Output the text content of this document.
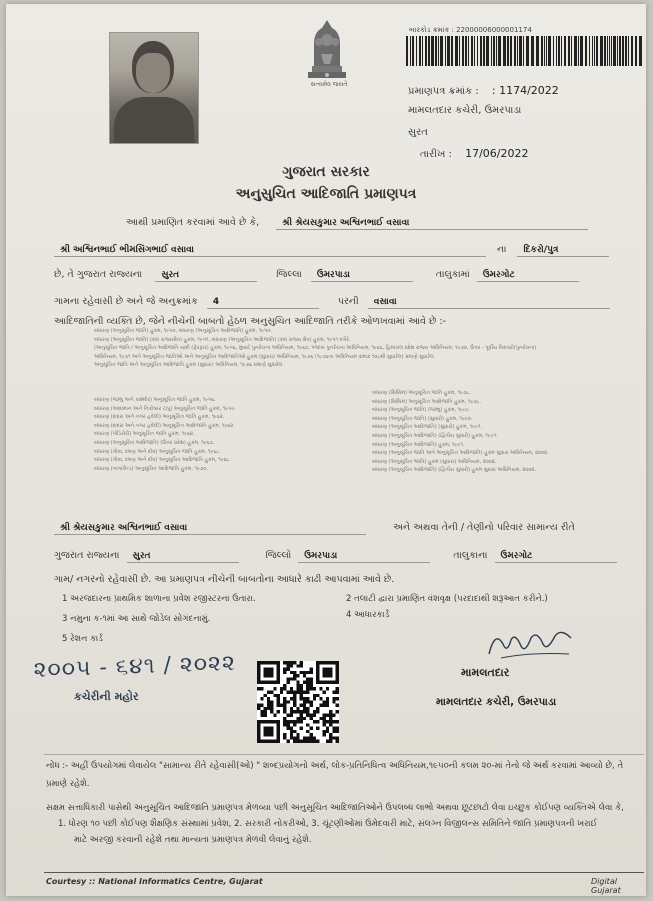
સત્યમેવ જયતે
બારકોડ ક્રમાંક : 22000006000001174
પ્રમાણપત્ર ક્રમાંક : : 1174/2022
મામલતદાર કચેરી, ઉમરપાડા
સુરત
તારીખ : 17/06/2022
ગુજરાત સરકાર
અનુસુચિત આદિજાતિ પ્રમાણપત્ર
આથી પ્રમાણિત કરવામાં આવે છે કે,	શ્રી શ્રેયસકુમાર અશ્વિનભાઈ વસાવા
શ્રી અશ્વિનભાઈ ભીમસિંગભાઈ વસાવા	ના દિકરો/પુત્ર
છે, તે ગુજરાત રાજ્યના સુરત	જિલ્લા ઉમરપાડા	તાલુકામાં ઉમરગોટ
ગામના રહેવાસી છે અને જે અનુક્રમાંક 4	પરની વસાવા
આદિજાતિની વ્યક્તિ છે, જેને નીચેની બાબતો હેઠળ અનુસુચિત આદિજાતિ તરીકે ઓળખવામાં આવે છે :-
બંધારણ (અનુસૂચિત જાતિ) હુકમ, ૧૯૫૦, બંધારણ (અનુસૂચિત આદિજાતિ) હુકમ, ૧૯૫૦.
બંધારણ (અનુસૂચિત જાતિ) (સંઘ રાજ્યક્ષેત્ર) હુકમ, ૧૯૫૧, બંધારણ (અનુસૂચિત આદિજાતિ) (સંઘ રાજ્ય ક્ષેત્ર) હુકમ, ૧૯૫૧ વગેરે.
(અનુસૂચિત જાતિ / અનુસૂચિત આદિજાતિ યાદી (ફેરફાર) હુકમ, ૧૯૫૬, મુંબઈ પુનર્રચના અધિનિયમ, ૧૯૬૦, પંજાબ પુનર્રચના અધિનિયમ, ૧૯૬૬, હિમાચલ પ્રદેશ રાજ્ય અધિનિયમ, ૧૯૭૦, ઉત્તર - પૂર્વીય વિસ્તારો(પુનર્રચના)
અધિનિયમ, ૧૯૭૧ અને અનુસૂચિત જાતિઓ અને અનુસૂચિત આદિજાતિઓ હુકમ (સુધારા) અધિનિયમ, ૧૯૭૬ (૧૯૭૬ના અધિનિયમ ક્રમાંક ૧૦૮થી સુધારેલ) પ્રમાણે સુધારેલ
અનુસૂચિત જાતિ અને અનુસૂચિત આદિજાતિ હુકમ (સુધારા) અધિનિયમ, ૧૯૭૬ પ્રમાણે સુધારેલ
બંધારણ (જમ્મુ અને કાશ્મીર) અનુસૂચિત જાતિ હુકમ, ૧૯૫૬.
બંધારણ (આંદામાન અને નિકોબાર ટાપુ) અનુસૂચિત જાતિ હુકમ, ૧૯૫૯.
બંધારણ (દાદરા અને નગર હવેલી) અનુસૂચિત જાતિ હુકમ, ૧૯૬૨.
બંધારણ (દાદરા અને નગર હવેલી) અનુસૂચિત આદિજાતિ હુકમ, ૧૯૬૨.
બંધારણ (પોંડિચેરી) અનુસૂચિત જાતિ હુકમ, ૧૯૬૪.
બંધારણ (અનુસૂચિત આદિજાતિ) (ઉત્તર પ્રદેશ) હુકમ, ૧૯૬૭.
બંધારણ (ગોવા, દમણ અને દીવ) અનુસૂચિત જાતિ હુકમ, ૧૯૬૮.
બંધારણ (ગોવા, દમણ અને દીવ) અનુસૂચિત આદિજાતિ હુકમ, ૧૯૬૮.
બંધારણ (નાગાલેન્ડ) અનુસૂચિત આદિજાતિ હુકમ, ૧૯૭૦.
બંધારણ (સિક્કિમ) અનુસૂચિત જાતિ હુકમ, ૧૯૭૮.
બંધારણ (સિક્કિમ) અનુસૂચિત આદિજાતિ હુકમ, ૧૯૭૮.
બંધારણ (અનુસૂચિત જાતિ) (જમ્મુ) હુકમ, ૧૯૮૯.
બંધારણ (અનુસૂચિત જાતિ) (સુધારો) હુકમ, ૧૯૯૦.
બંધારણ (અનુસૂચિત આદિજાતિ) (સુધારો) હુકમ, ૧૯૯૧.
બંધારણ (અનુસૂચિત આદિજાતિ) (દ્વિતીય સુધારો) હુકમ, ૧૯૯૧.
બંધારણ (અનુસૂચિત આદિજાતિ) હુકમ, ૧૯૯૧.
બંધારણ (અનુસૂચિત જાતિ અને અનુસૂચિત આદિજાતિ) હુકમ સુધારા અધિનિયમ, ૨૦૦૨.
બંધારણ (અનુસૂચિત જાતિ) હુકમ (સુધારા) અધિનિયમ, ૨૦૦૨.
બંધારણ (અનુસૂચિત આદિજાતિ) (દ્વિતીય સુધારો) હુકમ સુધારા અધિનિયમ, ૨૦૦૨.
શ્રી શ્રેયસકુમાર અશ્વિનભાઈ વસાવા	અને અથવા તેની / તેણીનો પરિવાર સામાન્ય રીતે
ગુજરાત રાજ્યના સુરત	જિલ્લો ઉમરપાડા	તાલુકાના ઉમરગોટ
ગામ/ નગરનો રહેવાસી છે. આ પ્રમાણપત્ર નીચેની બાબતોના આધારે કાઢી આપવામાં આવે છે.
1 અરજદારના પ્રાથમિક શાળાના પ્રવેશ રજીસ્ટરના ઉતારા.	2 તલાટી દ્વારા પ્રમાણિત વંશવૃક્ષ (પરદાદાથી શરૂઆત કરીને.)
3 નમુના ક-૧માં આ સાથે જોડેલ સોગંદનામું.	4 આધારકાર્ડ
5 રેશન કાર્ડ
૨૦૦૫ - ૬૪૧ / ૨૦૨૨
કચેરીની મહોર
મામલતદાર
મામલતદાર કચેરી, ઉમરપાડા
નોંધ :- અહીં ઉપયોગમાં લેવાયેલ "સામાન્ય રીતે રહેવાસી(ઓ) " શબ્દપ્રયોગનો અર્થ, લોક-પ્રતિનિધિત્વ અધિનિયમ,૧૯૫૦ની કલમ ૨૦-માં તેનો જે અર્થ કરવામાં આવ્યો છે, તે
પ્રમાણે રહેશે.
સક્ષમ સત્તાધિકારી પાસેથી અનુસૂચિત આદિજાતિ પ્રમાણપત્ર મેળવ્યા પછી અનુસૂચિત આદિજાતિઓને ઉપલબ્ધ લાભો અથવા છૂટછાટો લેવા ઇચ્છુક કોઈપણ વ્યક્તિએ લેવા કે,
1. ધોરણ ૧૦ પછી કોઈપણ શૈક્ષણિક સંસ્થામાં પ્રવેશ, 2. સરકારી નોકરીઓ, 3. ચૂંટણીઓમાં ઉમેદવારી માટે, સંલગ્ન વિજીલન્સ સમિતિને જાતિ પ્રમાણપત્રની ખરાઈ
માટે અરજી કરવાની રહેશે તથા માન્યતા પ્રમાણપત્ર મેળવી લેવાનું રહેશે.
Courtesy :: National Informatics Centre, Gujarat	Digital Gujarat
